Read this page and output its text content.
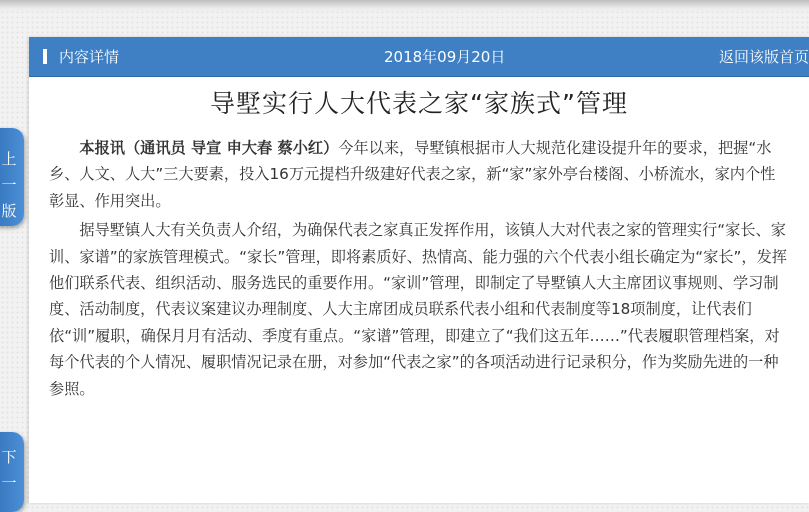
内容详情	2018年09月20日	返回该版首页
导墅实行人大代表之家“家族式”管理

本报讯（通讯员 导宣 申大春 蔡小红）今年以来，导墅镇根据市人大规范化建设提升年的要求，把握“水乡、人文、人大”三大要素，投入16万元提档升级建好代表之家，新“家”家外亭台楼阁、小桥流水，家内个性彰显、作用突出。

据导墅镇人大有关负责人介绍，为确保代表之家真正发挥作用，该镇人大对代表之家的管理实行“家长、家训、家谱”的家族管理模式。“家长”管理，即将素质好、热情高、能力强的六个代表小组长确定为“家长”，发挥他们联系代表、组织活动、服务选民的重要作用。“家训”管理，即制定了导墅镇人大主席团议事规则、学习制度、活动制度，代表议案建议办理制度、人大主席团成员联系代表小组和代表制度等18项制度，让代表们依“训”履职，确保月月有活动、季度有重点。“家谱”管理，即建立了“我们这五年……”代表履职管理档案，对每个代表的个人情况、履职情况记录在册，对参加“代表之家”的各项活动进行记录积分，作为奖励先进的一种参照。

上
一
版
下
一
